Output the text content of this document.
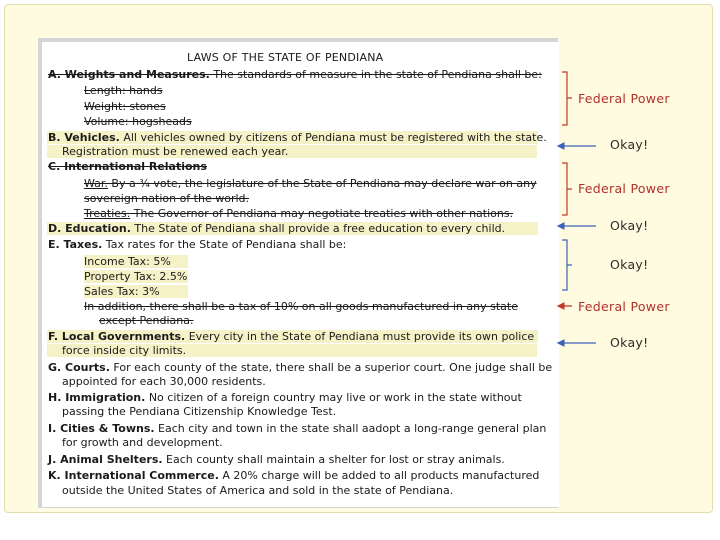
LAWS OF THE STATE OF PENDIANA
A. Weights and Measures. The standards of measure in the state of Pendiana shall be:
Length: hands
Weight: stones
Volume: hogsheads
B. Vehicles. All vehicles owned by citizens of Pendiana must be registered with the state.
Registration must be renewed each year.
C. International Relations
War. By a ¾ vote, the legislature of the State of Pendiana may declare war on any
sovereign nation of the world.
Treaties. The Governor of Pendiana may negotiate treaties with other nations.
D. Education. The State of Pendiana shall provide a free education to every child.
E. Taxes. Tax rates for the State of Pendiana shall be:
Income Tax: 5%
Property Tax: 2.5%
Sales Tax: 3%
In addition, there shall be a tax of 10% on all goods manufactured in any state
except Pendiana.
F. Local Governments. Every city in the State of Pendiana must provide its own police
force inside city limits.
G. Courts. For each county of the state, there shall be a superior court. One judge shall be
appointed for each 30,000 residents.
H. Immigration. No citizen of a foreign country may live or work in the state without
passing the Pendiana Citizenship Knowledge Test.
I. Cities & Towns. Each city and town in the state shall aadopt a long-range general plan
for growth and development.
J. Animal Shelters. Each county shall maintain a shelter for lost or stray animals.
K. International Commerce. A 20% charge will be added to all products manufactured
outside the United States of America and sold in the state of Pendiana.
Federal Power
Okay!
Federal Power
Okay!
Okay!
Federal Power
Okay!
